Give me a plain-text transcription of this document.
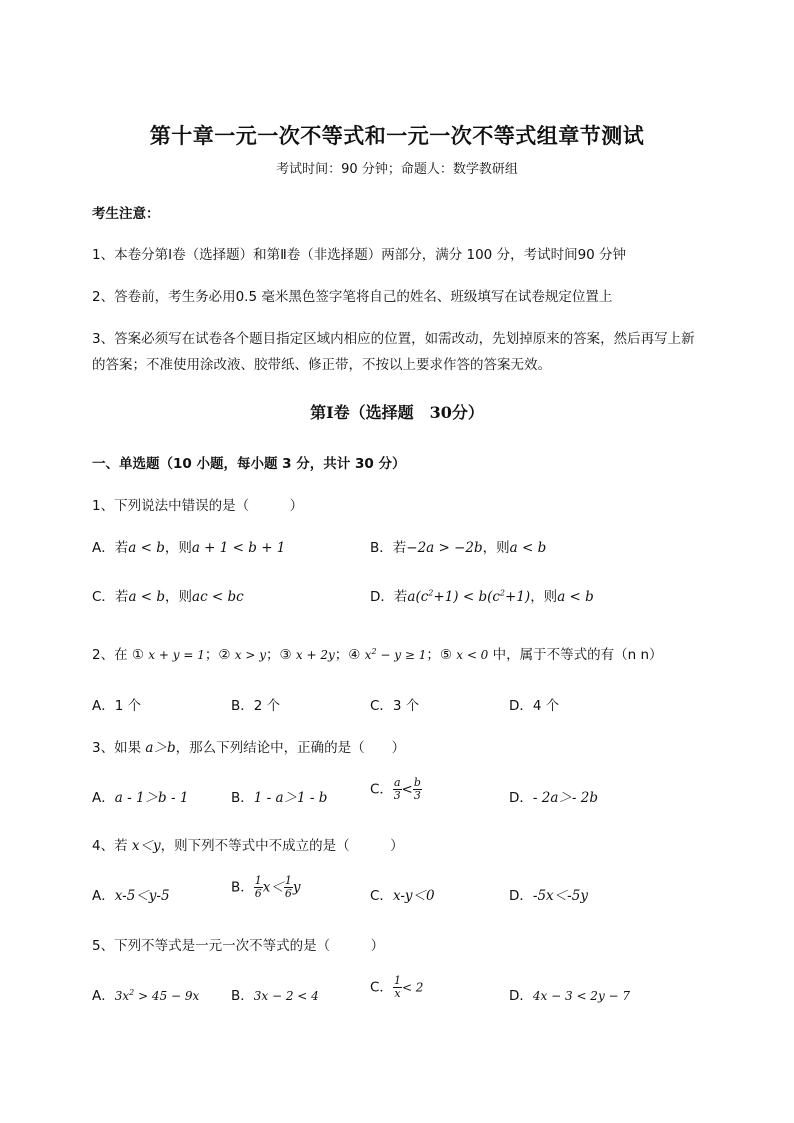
第十章一元一次不等式和一元一次不等式组章节测试
考试时间：90 分钟；命题人：数学教研组
考生注意：
1、本卷分第Ⅰ卷（选择题）和第Ⅱ卷（非选择题）两部分，满分 100 分，考试时间90 分钟
2、答卷前，考生务必用0.5 毫米黑色签字笔将自己的姓名、班级填写在试卷规定位置上
3、答案必须写在试卷各个题目指定区域内相应的位置，如需改动，先划掉原来的答案，然后再写上新
的答案；不准使用涂改液、胶带纸、修正带，不按以上要求作答的答案无效。
第Ⅰ卷（选择题　30分）
一、单选题（10 小题，每小题 3 分，共计 30 分）
1、下列说法中错误的是（　　　）
A．若a < b，则a + 1 < b + 1	B．若−2a > −2b，则a < b
C．若a < b，则ac < bc	D．若$a(c^2+1) < b(c^2+1)$，则a < b
2、在 ① x + y = 1；② x > y；③ x + 2y；④ $x^2 - y \ge 1$；⑤ x < 0 中，属于不等式的有（n n）
A．1 个	B．2 个	C．3 个	D．4 个
3、如果 a＞b，那么下列结论中，正确的是（　　）
A．a - 1＞b - 1	B．1 - a＞1 - b
C． $\frac{a}{3} < \frac{b}{3}$	D．- 2a＞- 2b
4、若 x＜y，则下列不等式中不成立的是（　　　）
A．x-5＜y-5
B． $\frac{1}{6} x< \frac{1}{6}$ y
C．x-y＜0	D．-5x＜-5y
5、下列不等式是一元一次不等式的是（　　　）
A．$3x^2 > 45 - 9x$ B．3x − 2 < 4
C． $\frac{1}{x} < 2$
D．4x − 3 < 2y − 7
